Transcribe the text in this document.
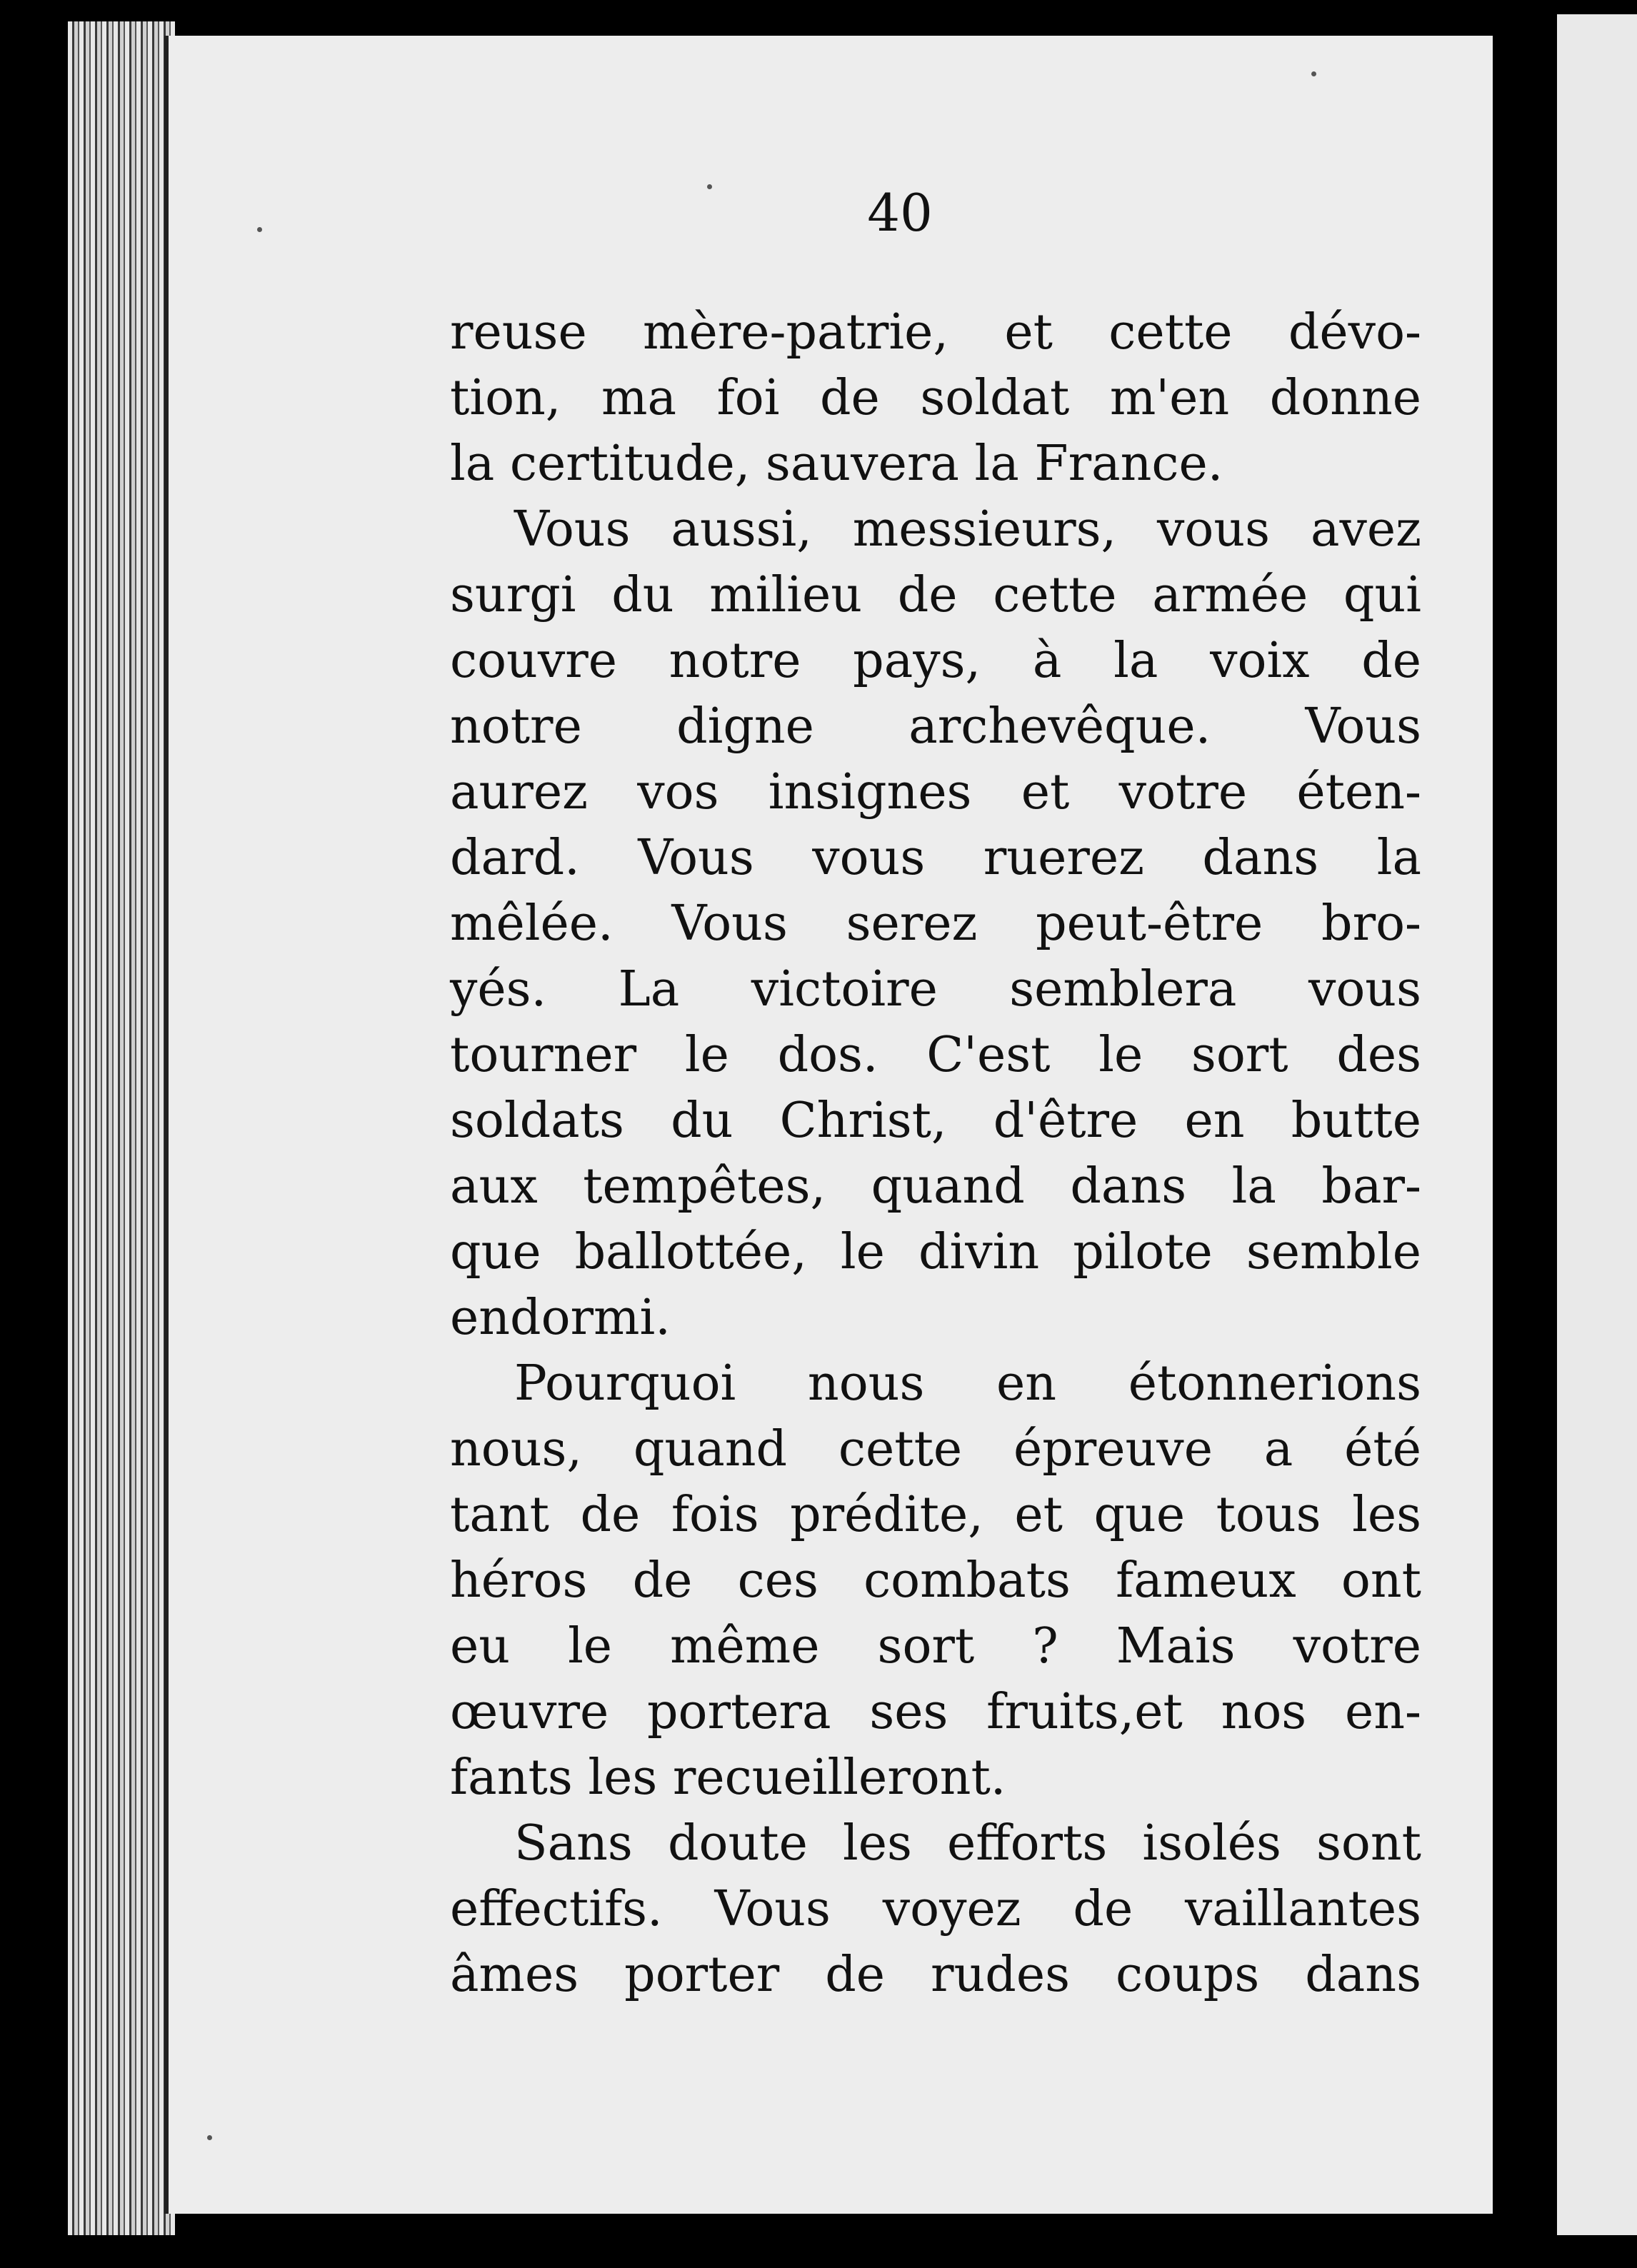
40
reuse mère-patrie, et cette dévo-
tion, ma foi de soldat m'en donne
la certitude, sauvera la France.
Vous aussi, messieurs, vous avez
surgi du milieu de cette armée qui
couvre notre pays, à la voix de
notre digne archevêque. Vous
aurez vos insignes et votre éten-
dard. Vous vous ruerez dans la
mêlée. Vous serez peut-être bro-
yés. La victoire semblera vous
tourner le dos. C'est le sort des
soldats du Christ, d'être en butte
aux tempêtes, quand dans la bar-
que ballottée, le divin pilote semble
endormi.
Pourquoi nous en étonnerions
nous, quand cette épreuve a été
tant de fois prédite, et que tous les
héros de ces combats fameux ont
eu le même sort ? Mais votre
œuvre portera ses fruits,et nos en-
fants les recueilleront.
Sans doute les efforts isolés sont
effectifs. Vous voyez de vaillantes
âmes porter de rudes coups dans
